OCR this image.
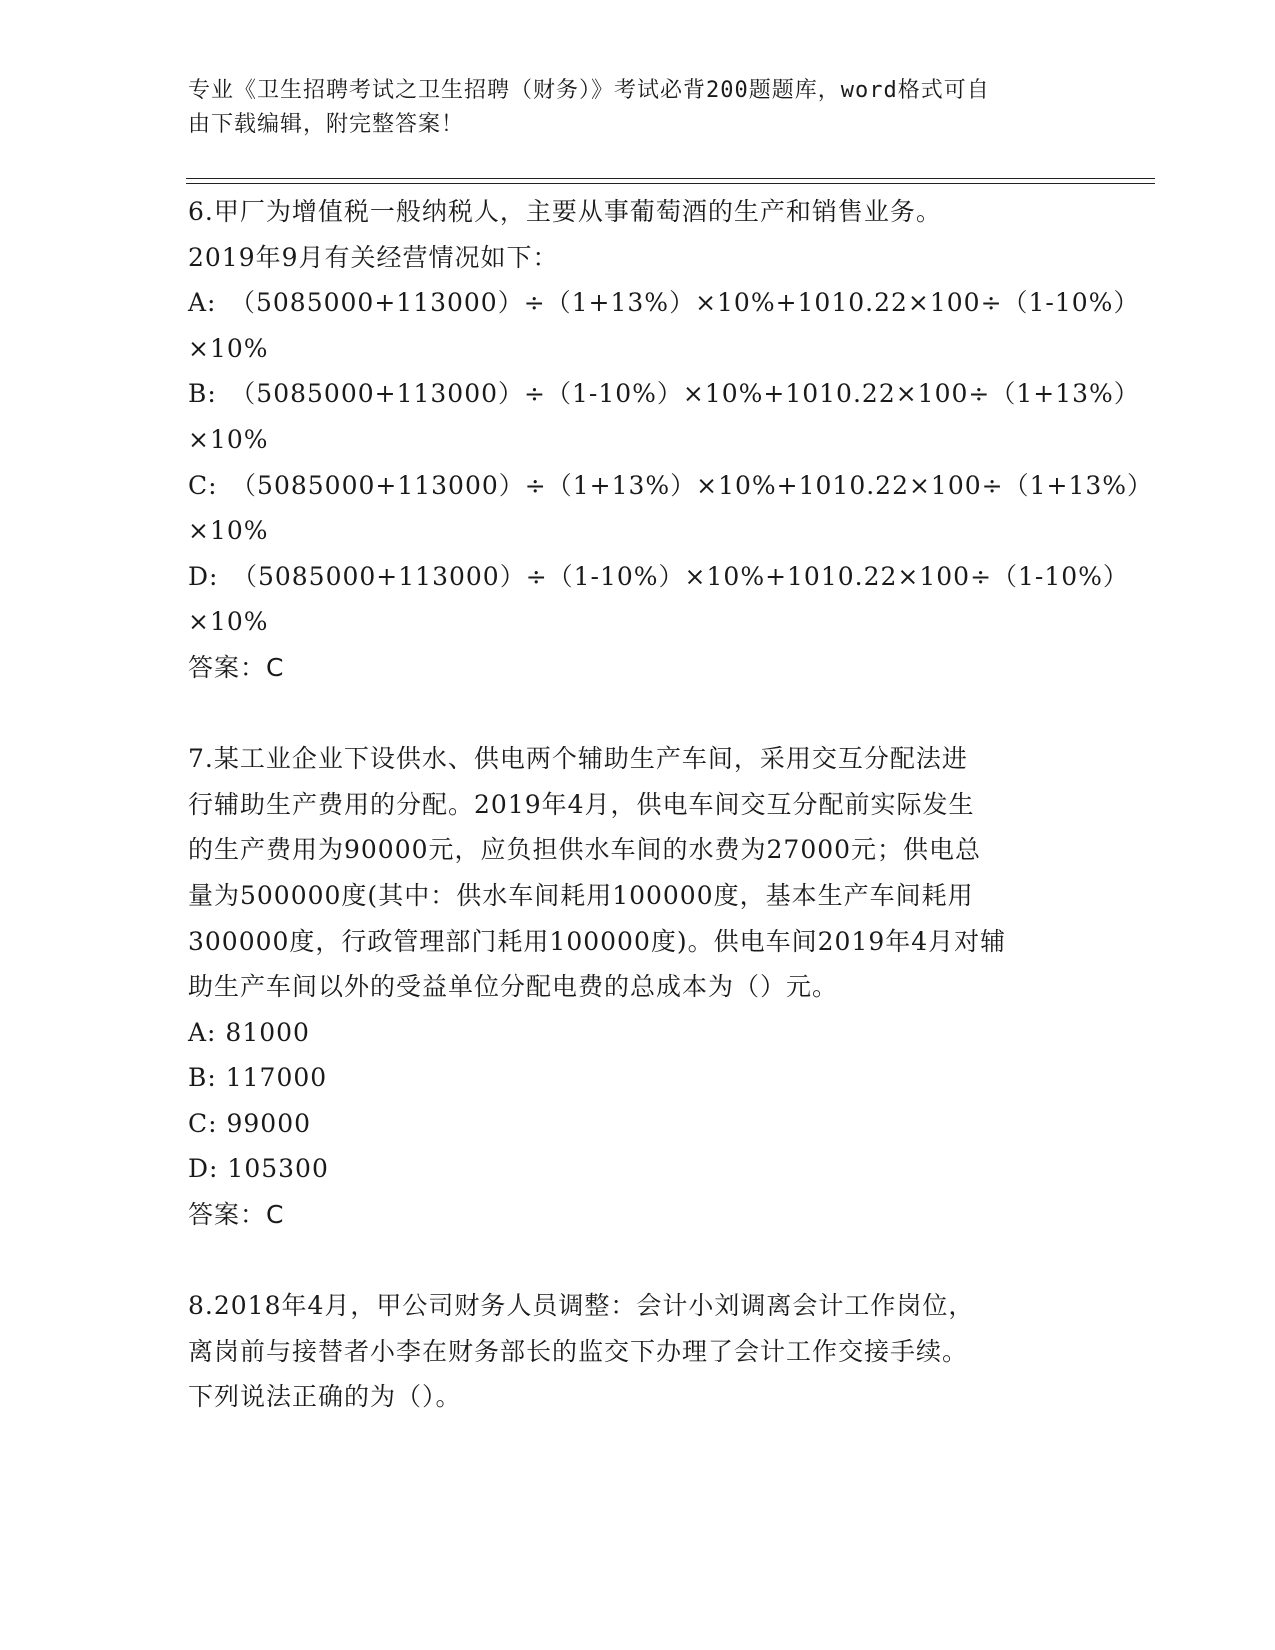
专业《卫生招聘考试之卫生招聘（财务）》考试必背200题题库，word格式可自
由下载编辑，附完整答案！
6.甲厂为增值税一般纳税人，主要从事葡萄酒的生产和销售业务。
2019年9月有关经营情况如下：
A:　（5085000+113000）÷（1+13%）×10%+1010.22×100÷（1-10%）
×10%
B:　（5085000+113000）÷（1-10%）×10%+1010.22×100÷（1+13%）
×10%
C:　（5085000+113000）÷（1+13%）×10%+1010.22×100÷（1+13%）
×10%
D:　（5085000+113000）÷（1-10%）×10%+1010.22×100÷（1-10%）
×10%
答案：C
7.某工业企业下设供水、供电两个辅助生产车间，采用交互分配法进
行辅助生产费用的分配。2019年4月，供电车间交互分配前实际发生
的生产费用为90000元，应负担供水车间的水费为27000元；供电总
量为500000度(其中：供水车间耗用100000度，基本生产车间耗用
300000度，行政管理部门耗用100000度)。供电车间2019年4月对辅
助生产车间以外的受益单位分配电费的总成本为（）元。
A: 81000
B: 117000
C: 99000
D: 105300
答案：C
8.2018年4月，甲公司财务人员调整：会计小刘调离会计工作岗位，
离岗前与接替者小李在财务部长的监交下办理了会计工作交接手续。
下列说法正确的为（）。
